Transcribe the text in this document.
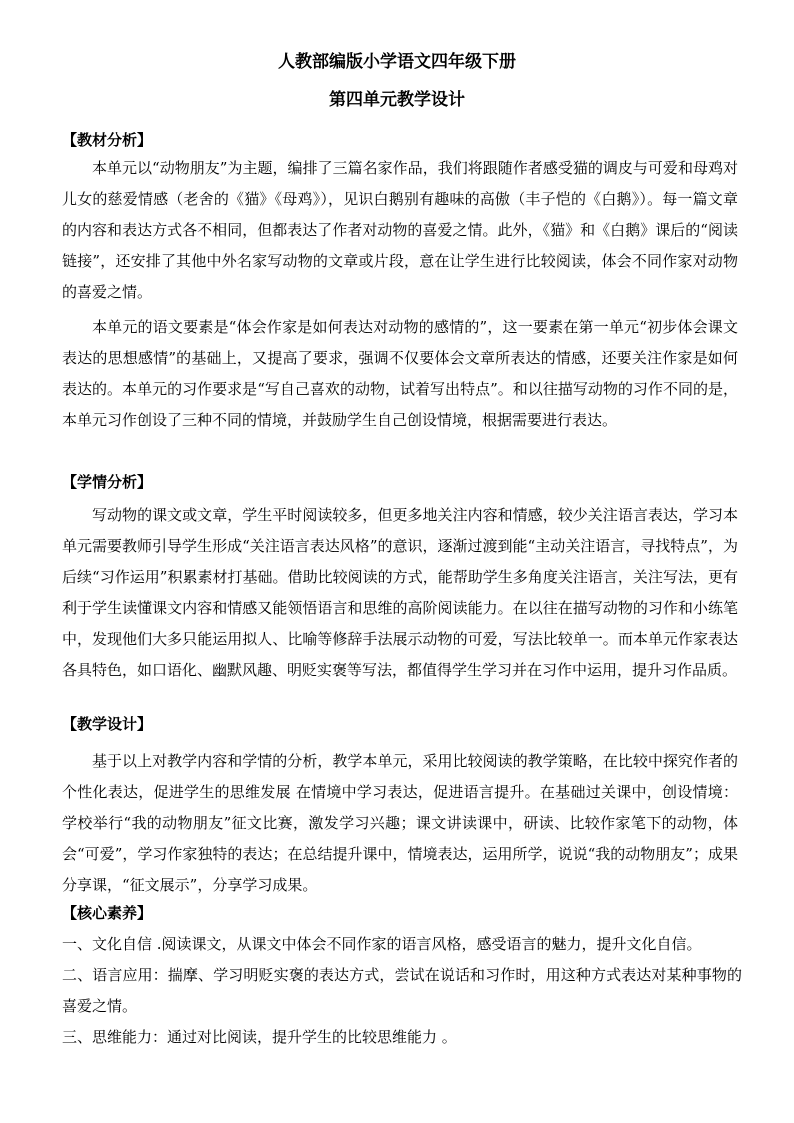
人教部编版小学语文四年级下册
第四单元教学设计
【教材分析】

本单元以“动物朋友”为主题，编排了三篇名家作品，我们将跟随作者感受猫的调皮与可爱和母鸡对儿女的慈爱情感（老舍的《猫》《母鸡》），见识白鹅别有趣味的高傲（丰子恺的《白鹅》）。每一篇文章的内容和表达方式各不相同，但都表达了作者对动物的喜爱之情。此外，《猫》和《白鹅》课后的“阅读链接”，还安排了其他中外名家写动物的文章或片段，意在让学生进行比较阅读，体会不同作家对动物的喜爱之情。

本单元的语文要素是“体会作家是如何表达对动物的感情的”，这一要素在第一单元“初步体会课文表达的思想感情”的基础上，又提高了要求，强调不仅要体会文章所表达的情感，还要关注作家是如何表达的。本单元的习作要求是“写自己喜欢的动物，试着写出特点”。和以往描写动物的习作不同的是，本单元习作创设了三种不同的情境，并鼓励学生自己创设情境，根据需要进行表达。

【学情分析】

写动物的课文或文章，学生平时阅读较多，但更多地关注内容和情感，较少关注语言表达，学习本单元需要教师引导学生形成“关注语言表达风格”的意识，逐渐过渡到能“主动关注语言，寻找特点”，为后续“习作运用”积累素材打基础。借助比较阅读的方式，能帮助学生多角度关注语言，关注写法，更有利于学生读懂课文内容和情感又能领悟语言和思维的高阶阅读能力。在以往在描写动物的习作和小练笔中，发现他们大多只能运用拟人、比喻等修辞手法展示动物的可爱，写法比较单一。而本单元作家表达各具特色，如口语化、幽默风趣、明贬实褒等写法，都值得学生学习并在习作中运用，提升习作品质。

【教学设计】

基于以上对教学内容和学情的分析，教学本单元，采用比较阅读的教学策略，在比较中探究作者的个性化表达，促进学生的思维发展 在情境中学习表达，促进语言提升。在基础过关课中，创设情境：学校举行“我的动物朋友”征文比赛，激发学习兴趣；课文讲读课中，研读、比较作家笔下的动物，体会“可爱”，学习作家独特的表达；在总结提升课中，情境表达，运用所学，说说“我的动物朋友”；成果分享课，“征文展示”，分享学习成果。

【核心素养】

一、文化自信 .阅读课文，从课文中体会不同作家的语言风格，感受语言的魅力，提升文化自信。

二、语言应用：揣摩、学习明贬实褒的表达方式，尝试在说话和习作时，用这种方式表达对某种事物的喜爱之情。

三、思维能力：通过对比阅读，提升学生的比较思维能力 。
